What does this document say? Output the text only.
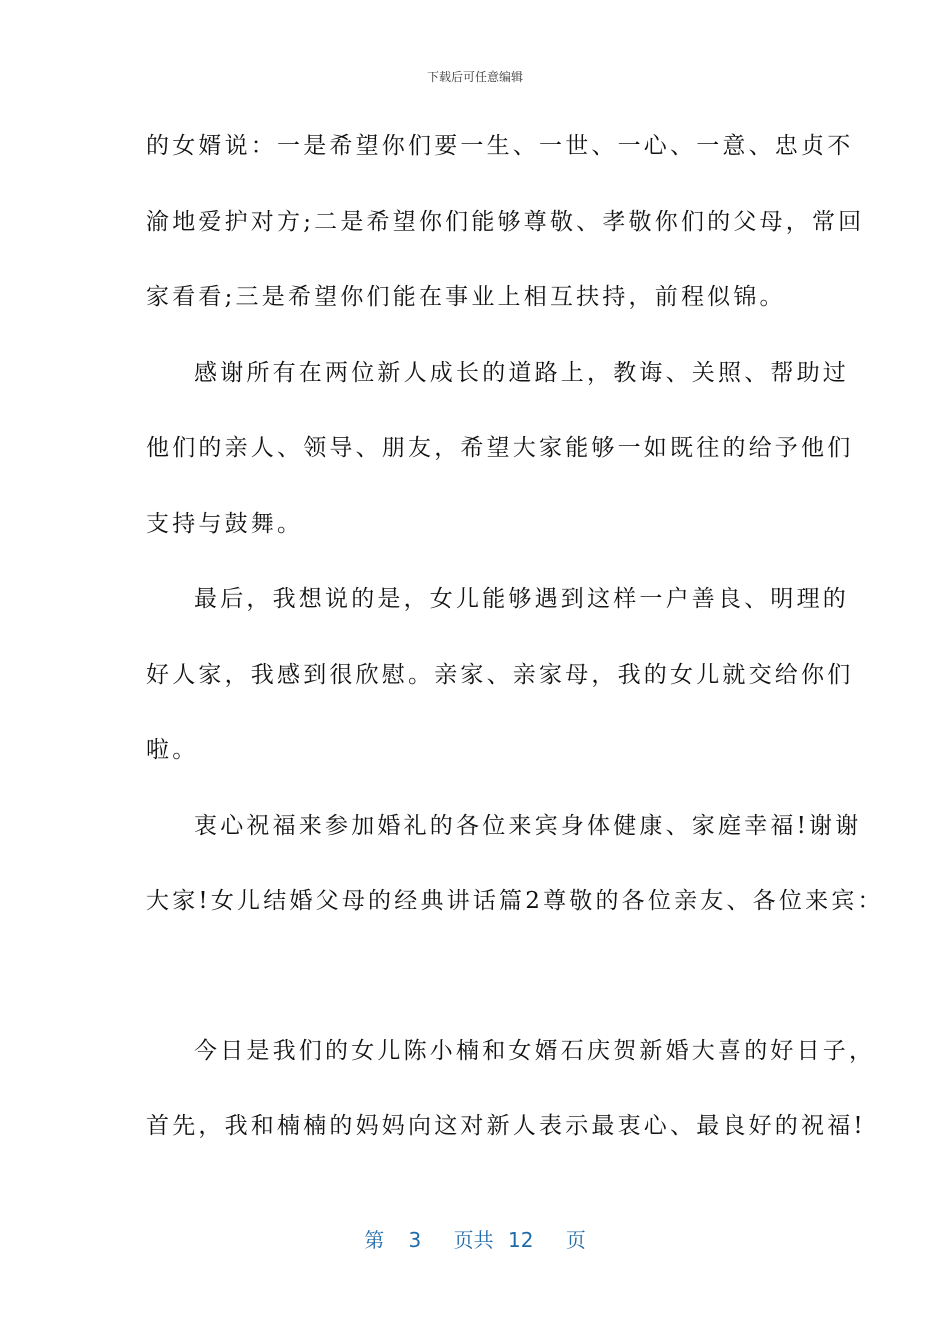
下载后可任意编辑
的女婿说：一是希望你们要一生、一世、一心、一意、忠贞不
渝地爱护对方;二是希望你们能够尊敬、孝敬你们的父母，常回
家看看;三是希望你们能在事业上相互扶持，前程似锦。
感谢所有在两位新人成长的道路上，教诲、关照、帮助过
他们的亲人、领导、朋友，希望大家能够一如既往的给予他们
支持与鼓舞。
最后，我想说的是，女儿能够遇到这样一户善良、明理的
好人家，我感到很欣慰。亲家、亲家母，我的女儿就交给你们
啦。
衷心祝福来参加婚礼的各位来宾身体健康、家庭幸福!谢谢
大家!女儿结婚父母的经典讲话篇2尊敬的各位亲友、各位来宾：
今日是我们的女儿陈小楠和女婿石庆贺新婚大喜的好日子，
首先，我和楠楠的妈妈向这对新人表示最衷心、最良好的祝福!
第 3 页共 12 页
